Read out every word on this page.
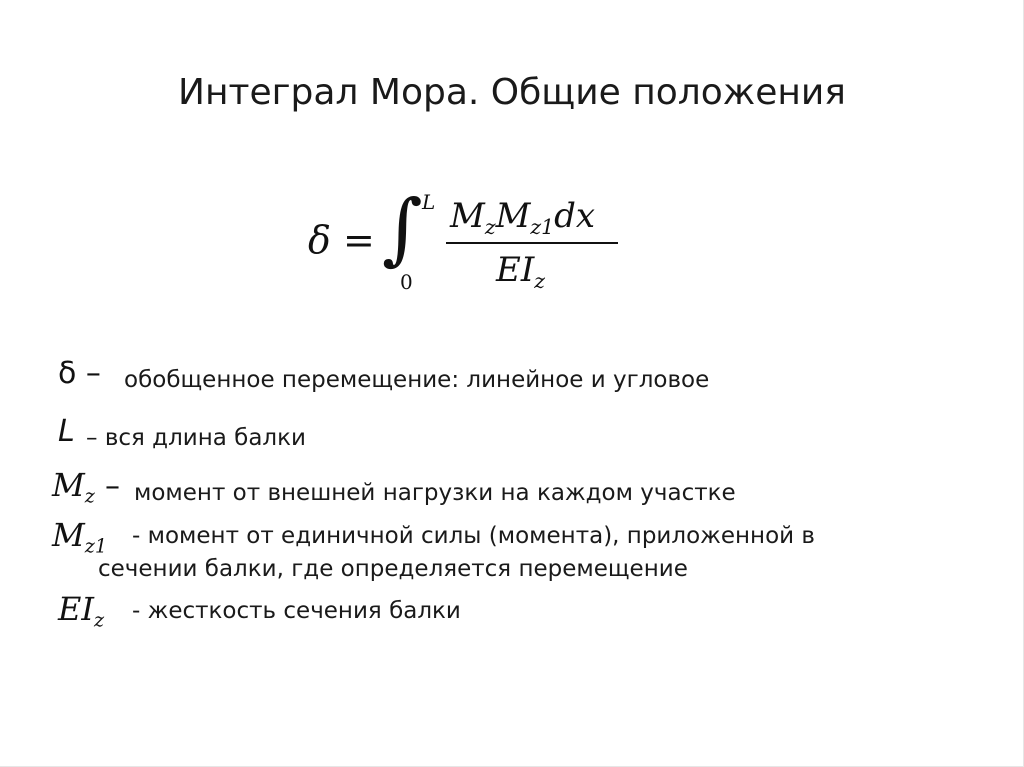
Интеграл Мора. Общие положения
δ = ∫ L
0
$M_zM_{z1}dx$
$EI_z$
δ – обобщенное перемещение: линейное и угловое
L – вся длина балки
$M_z$ – момент от внешней нагрузки на каждом участке
$M_{z1}$ - момент от единичной силы (момента), приложенной в
сечении балки, где определяется перемещение
$EI_z$ - жесткость сечения балки
